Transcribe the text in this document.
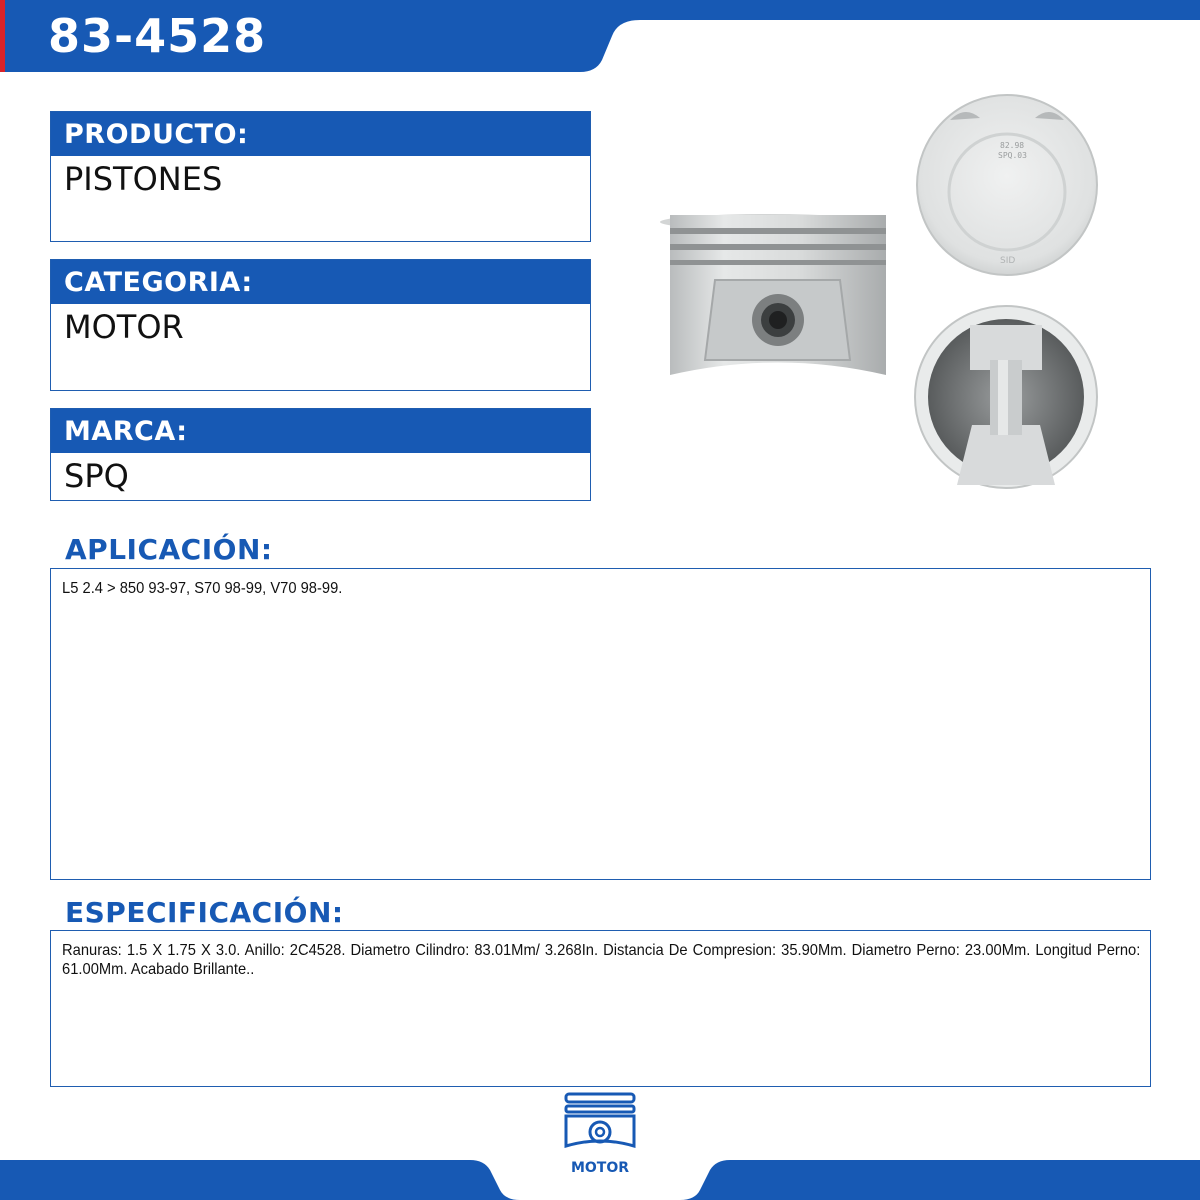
83-4528
PRODUCTO:
PISTONES
CATEGORIA:
MOTOR
MARCA:
SPQ
82.98
SPQ.03
SID
APLICACIÓN:

L5 2.4 > 850 93-97, S70 98-99, V70 98-99.

ESPECIFICACIÓN:

Ranuras: 1.5 X 1.75 X 3.0. Anillo: 2C4528. Diametro Cilindro: 83.01Mm/ 3.268In. Distancia De Compresion: 35.90Mm. Diametro Perno: 23.00Mm. Longitud Perno: 61.00Mm. Acabado Brillante..

MOTOR
